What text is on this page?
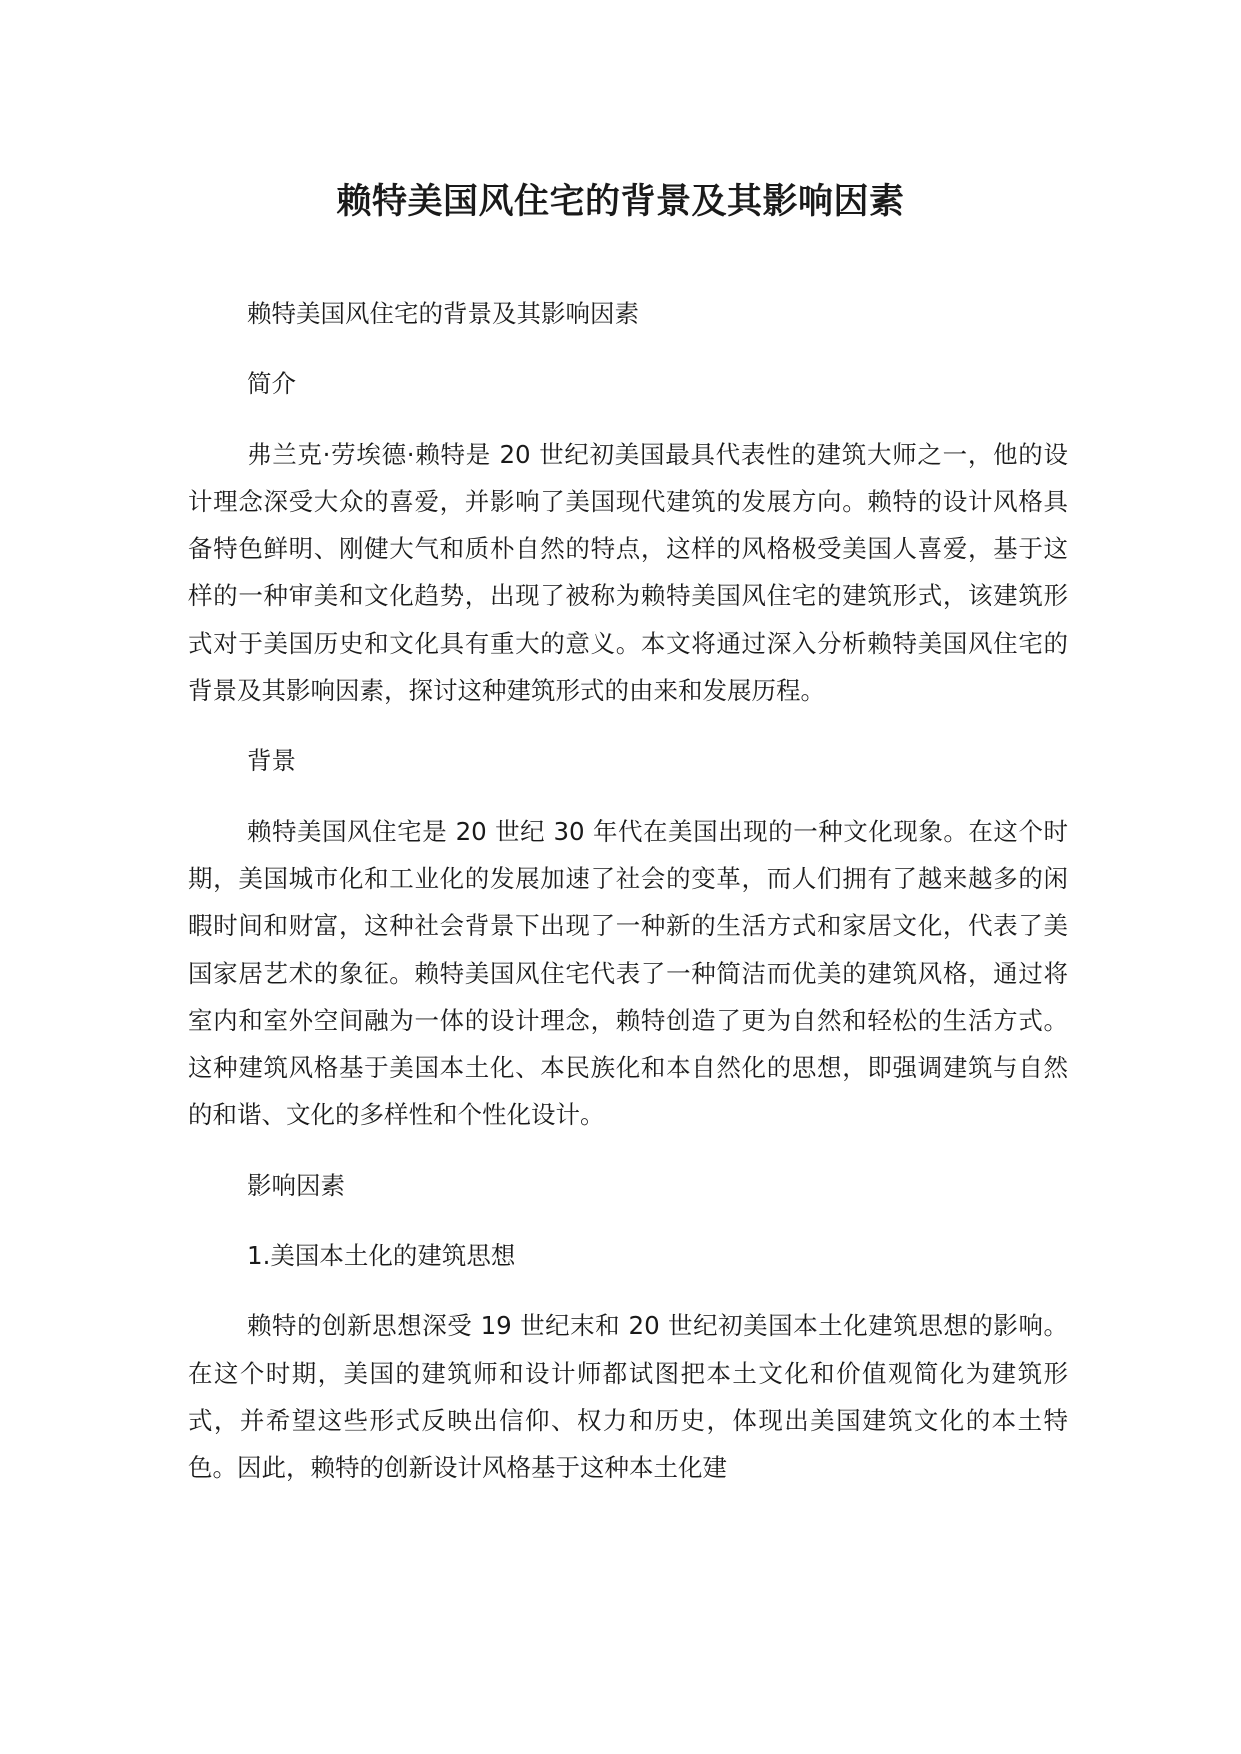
赖特美国风住宅的背景及其影响因素

赖特美国风住宅的背景及其影响因素

简介

弗兰克·劳埃德·赖特是 20 世纪初美国最具代表性的建筑大师之一，他的设计理念深受大众的喜爱，并影响了美国现代建筑的发展方向。赖特的设计风格具备特色鲜明、刚健大气和质朴自然的特点，这样的风格极受美国人喜爱，基于这样的一种审美和文化趋势，出现了被称为赖特美国风住宅的建筑形式，该建筑形式对于美国历史和文化具有重大的意义。本文将通过深入分析赖特美国风住宅的背景及其影响因素，探讨这种建筑形式的由来和发展历程。

背景

赖特美国风住宅是 20 世纪 30 年代在美国出现的一种文化现象。在这个时期，美国城市化和工业化的发展加速了社会的变革，而人们拥有了越来越多的闲暇时间和财富，这种社会背景下出现了一种新的生活方式和家居文化，代表了美国家居艺术的象征。赖特美国风住宅代表了一种简洁而优美的建筑风格，通过将室内和室外空间融为一体的设计理念，赖特创造了更为自然和轻松的生活方式。这种建筑风格基于美国本土化、本民族化和本自然化的思想，即强调建筑与自然的和谐、文化的多样性和个性化设计。

影响因素

1.美国本土化的建筑思想

赖特的创新思想深受 19 世纪末和 20 世纪初美国本土化建筑思想的影响。在这个时期，美国的建筑师和设计师都试图把本土文化和价值观简化为建筑形式，并希望这些形式反映出信仰、权力和历史，体现出美国建筑文化的本土特色。因此，赖特的创新设计风格基于这种本土化建
